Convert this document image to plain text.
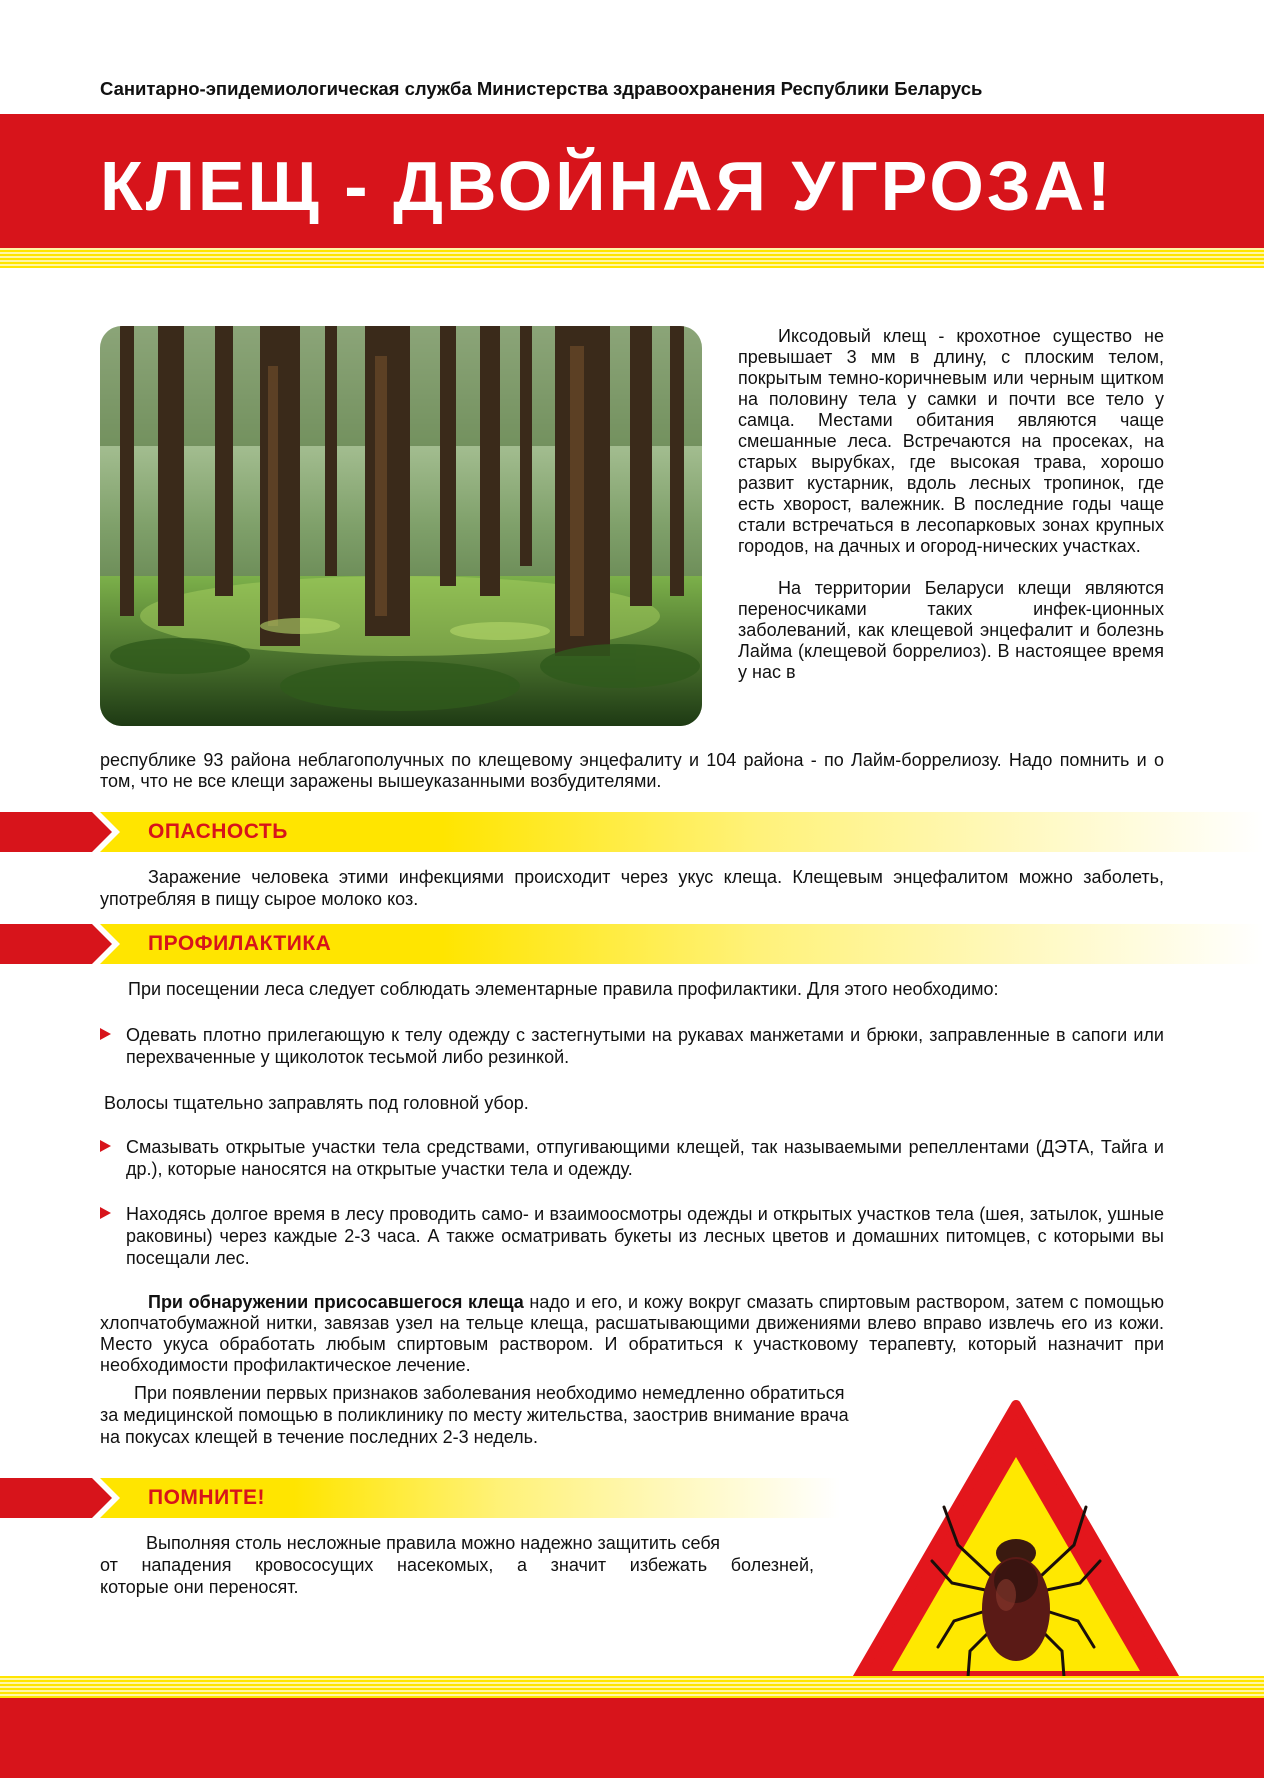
Санитарно-эпидемиологическая служба Министерства здравоохранения Республики Беларусь
КЛЕЩ - ДВОЙНАЯ УГРОЗА!

Иксодовый клещ - крохотное существо не превышает 3 мм в длину, с плоским телом, покрытым темно-коричневым или черным щитком на половину тела у самки и почти все тело у самца. Местами обитания являются чаще смешанные леса. Встречаются на просеках, на старых вырубках, где высокая трава, хорошо развит кустарник, вдоль лесных тропинок, где есть хворост, валежник. В последние годы чаще стали встречаться в лесопарковых зонах крупных городов, на дачных и огород-нических участках.

На территории Беларуси клещи являются переносчиками таких инфек-ционных заболеваний, как клещевой энцефалит и болезнь Лайма (клещевой боррелиоз). В настоящее время у нас в

республике 93 района неблагополучных по клещевому энцефалиту и 104 района - по Лайм-боррелиозу. Надо помнить и о том, что не все клещи заражены вышеуказанными возбудителями.
ОПАСНОСТЬ
Заражение человека этими инфекциями происходит через укус клеща. Клещевым энцефалитом можно заболеть, употребляя в пищу сырое молоко коз.
ПРОФИЛАКТИКА
При посещении леса следует соблюдать элементарные правила профилактики. Для этого необходимо:
Одевать плотно прилегающую к телу одежду с застегнутыми на рукавах манжетами и брюки, заправленные в сапоги или перехваченные у щиколоток тесьмой либо резинкой.
Волосы тщательно заправлять под головной убор.
Смазывать открытые участки тела средствами, отпугивающими клещей, так называемыми репеллентами (ДЭТА, Тайга и др.), которые наносятся на открытые участки тела и одежду.
Находясь долгое время в лесу проводить само- и взаимоосмотры одежды и открытых участков тела (шея, затылок, ушные раковины) через каждые 2-3 часа. А также осматривать букеты из лесных цветов и домашних питомцев, с которыми вы посещали лес.
При обнаружении присосавшегося клеща надо и его, и кожу вокруг смазать спиртовым раствором, затем с помощью хлопчатобумажной нитки, завязав узел на тельце клеща, расшатывающими движениями влево вправо извлечь его из кожи. Место укуса обработать любым спиртовым раствором. И обратиться к участковому терапевту, который назначит при необходимости профилактическое лечение.
При появлении первых признаков заболевания необходимо немедленно обратиться
за медицинской помощью в поликлинику по месту жительства, заострив внимание врача
на покусах клещей в течение последних 2-3 недель.
ПОМНИТЕ!
Выполняя столь несложные правила можно надежно защитить себя
от нападения кровососущих насекомых, а значит избежать болезней,
которые они переносят.
